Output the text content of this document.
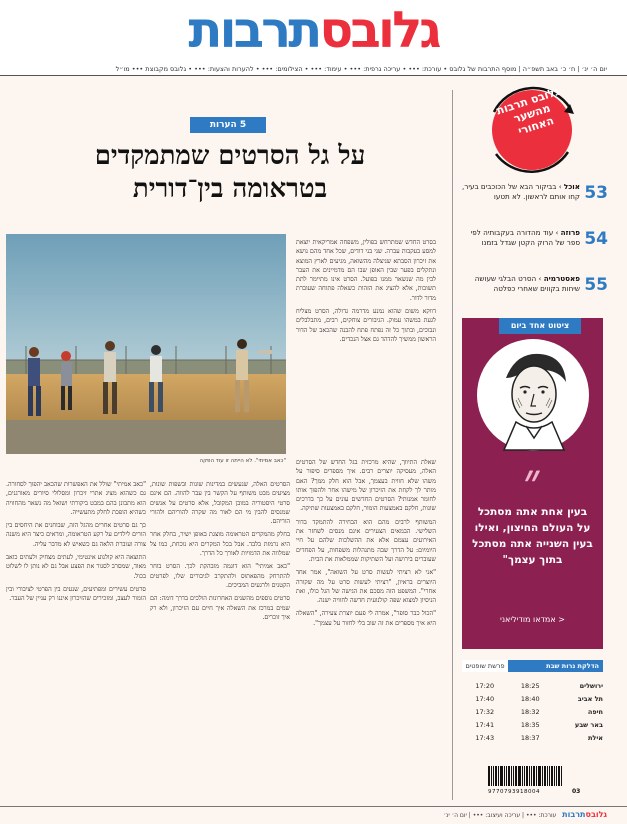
גלובסתרבות
יום ה׳ ינ׳ | ח׳ כ׳ באב תשפ״ה | מוסף התרבות של גלובס • עורכת: ••• • עריכה גרפית: ••• • עימוד: ••• • הצילומים: ••• • להערות והצעות: ••• • גלובס מקבוצת ••• מו״ל
5 הערות
על גל הסרטים שמתמקדים
בטראומה בין־דורית
"כאב אמיתי". לא הייתה זו עוד הפקה

בסרט החדש שמתרחש בפולין, משפחה אמריקאית יוצאת למסע בעקבות עברה. שני בני דודים, שכל אחד מהם נושא את זיכרון הסבתא שניצלה מהשואה, מגיעים לארץ המוצא ונתקלים בפער שבין האופן שבו הם מדמיינים את העבר לבין מה שנשאר ממנו בפועל. הסרט אינו מתיימר לתת תשובות, אלא להציג את הזהות כשאלה פתוחה שעוברת מדור לדור.

דווקא משום שהוא נמנע מדרמה גדולה, הסרט מצליח לגעת במשהו עמוק. הגיבורים צוחקים, רבים, מתבלבלים ונבוכים, ובתוך כל זה נפתח פתח להבנה שהכאב של הדור הראשון ממשיך להדהד גם אצל הנכדים.

שאלת התיווך, שהיא מרכזית בגל החדש של הסרטים האלה, מעסיקה יוצרים רבים. איך מספרים סיפור על משהו שלא חווית בעצמך, אבל הוא חלק ממך? האם מותר לך לקחת את הזיכרון של מישהו אחר ולהפוך אותו לחומר אמנותי? הסרטים החדשים עונים על כך בדרכים שונות, חלקם באמצעות הומור, חלקם באמצעות שתיקה.

המשותף לרבים מהם הוא הבחירה להתמקד בדור השלישי. הבמאים הצעירים אינם מנסים לשחזר את האירועים עצמם אלא את ההשלכות שלהם על חיי היומיום: על הדרך שבה מתנהלות משפחות, על הפחדים שעוברים בירושה ועל השתיקות שממלאות את הבית.

"אני לא רציתי לעשות סרט על השואה", אמר אחד היוצרים בראיון, "רציתי לעשות סרט על מה שקורה אחרי". המשפט הזה מסכם את הגישה של הגל כולו, ואת הניסיון למצוא שפה קולנועית חדשה לחוויה ישנה.

"הכול כבר סופר", אמרה לי פעם יוצרת צעירה, "השאלה היא איך מספרים את זה שוב בלי לחזור על עצמך".

הסרטים האלה, שנעשים במדינות שונות ובשפות שונות, מציעים מבט משותף על הקשר בין עבר להווה. הם אינם סרטי היסטוריה במובן המקובל, אלא סרטים על אנשים שמנסים להבין מי הם לאור מה שקרה להוריהם ולהורי הוריהם.

בחלק מהמקרים הטראומה מוצגת באופן ישיר, בחלק אחר היא נרמזת בלבד. אבל בכל המקרים היא נוכחת, כמו צל שמלווה את הדמויות לאורך כל הדרך.

"כאב אמיתי" הוא דוגמה מובהקת לכך. הסרט בוחר להתרחק מהפאתוס ולהתקרב לגיבורים שלו, לפרטים הקטנים ולרגעים המביכים.

סרטים נוספים מהשנים האחרונות הולכים בדרך דומה: הם שמים במרכז את השאלה איך חיים עם הזיכרון, ולא רק איך זוכרים.

"כאב אמיתי" שולל את האפשרות שהכאב יהפוך לסחורה. גם כשהוא מציג אתרי זיכרון ומסלולי סיורים מאורגנים, הוא מתבונן בהם במבט ביקורתי ושואל מה נשאר מהחוויה כשהיא הופכת לחלק מתעשייה.

כך גם סרטים אחרים מהגל הזה, שבוחנים את היחסים בין הורים לילדים על רקע הטראומה, ומראים כיצד היא משנה צורה ועוברת הלאה גם כשאיש לא מדבר עליה.

התוצאה היא קולנוע אינטימי, לעתים מצחיק ולעתים כואב מאוד, שמסרב לסגור את הפצע אבל גם לא נותן לו לשלוט בכול.

סרטים עשירים ומפתיעים, שנעים בין הפרטי לציבורי ובין הומור לעצב, ומזכירים שהזיכרון איננו רק עניין של העבר.

גלובס תרבות מהשער האחורי
53
אוכל › בביקור הבא של הכוכבים בעיר, קחו אותם לראשון. לא תטעו
54
פרוזה › עוד מהדורה בעקבותיה לפי ספר של הרוק הקטן שגדל בזמנו
55
פאסטרמיה › הסרט הבלגי שעושה שיחות בקווים שאחרי כפלטה
ציטוט אחד ביום
״
בעין אחת אתה מסתכל על העולם החיצון, ואילו בעין השנייה אתה מסתכל בתוך עצמך"
< אמדאו מודיליאני
הדלקת נרות שבת
פרשת שופטים
ירושלים	18:25	17:20
תל אביב	18:40	17:40
חיפה	18:32	17:32
באר שבע	18:35	17:41
אילת	18:37	17:43
9770793918004	03
גלובסתרבות   עורכת: ••• | עריכה ועיצוב: ••• | יום ה׳ ינ׳
